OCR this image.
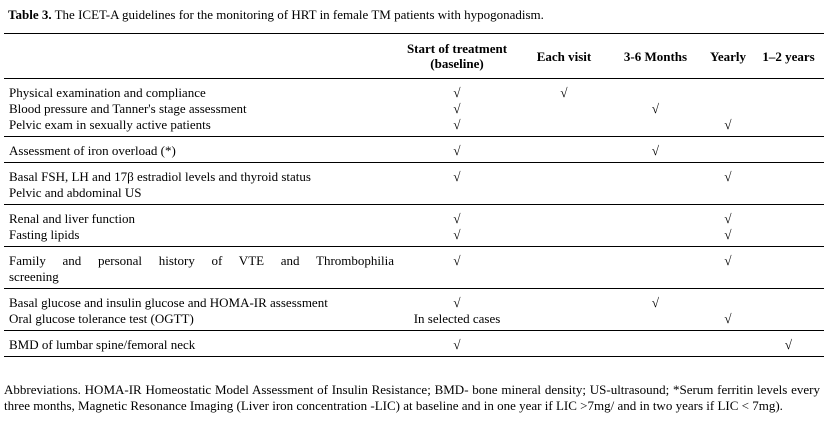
Table 3. The ICET-A guidelines for the monitoring of HRT in female TM patients with hypogonadism.

	Start of treatment
(baseline)	Each visit	3-6 Months	Yearly	1–2 years
Physical examination and compliance	√	√			
Blood pressure and Tanner's stage assessment	√		√		
Pelvic exam in sexually active patients	√			√	
Assessment of iron overload (*)	√		√		
Basal FSH, LH and 17β estradiol levels and thyroid status	√			√	
Pelvic and abdominal US					
Renal and liver function	√			√	
Fasting lipids	√			√	
Family and personal history of VTE and Thrombophilia	√			√	
screening					
Basal glucose and insulin glucose and HOMA-IR assessment	√		√		
Oral glucose tolerance test (OGTT)	In selected cases			√	
BMD of lumbar spine/femoral neck	√				√
Abbreviations. HOMA-IR Homeostatic Model Assessment of Insulin Resistance; BMD- bone mineral density; US-ultrasound; *Serum ferritin levels every three months, Magnetic Resonance Imaging (Liver iron concentration -LIC) at baseline and in one year if LIC >7mg/ and in two years if LIC < 7mg).
